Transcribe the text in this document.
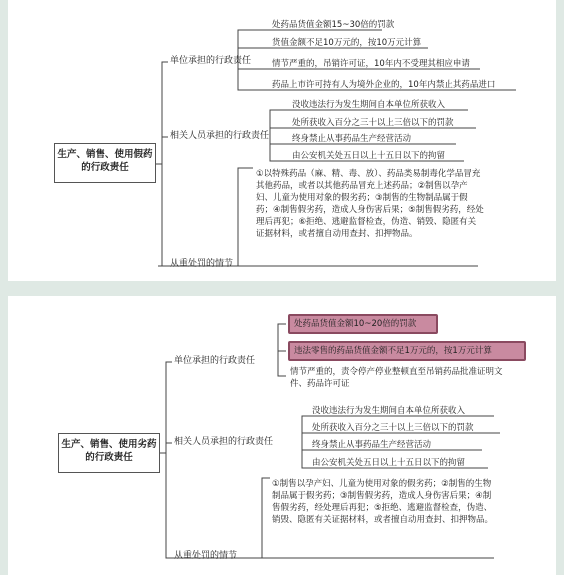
生产、销售、使用假药的行政责任
单位承担的行政责任
相关人员承担的行政责任
从重处罚的情节
处药品货值金额15~30倍的罚款
货值金额不足10万元的，按10万元计算
情节严重的，吊销许可证，10年内不受理其相应申请
药品上市许可持有人为境外企业的，10年内禁止其药品进口
没收违法行为发生期间自本单位所获收入
处所获收入百分之三十以上三倍以下的罚款
终身禁止从事药品生产经营活动
由公安机关处五日以上十五日以下的拘留
①以特殊药品（麻、精、毒、放）、药品类易制毒化学品冒充其他药品，或者以其他药品冒充上述药品；②制售以孕产妇、儿童为使用对象的假劣药；③制售的生物制品属于假药；④制售假劣药，造成人身伤害后果；⑤制售假劣药，经处理后再犯；⑥拒绝、逃避监督检查，伪造、销毁、隐匿有关证据材料，或者擅自动用查封、扣押物品。
生产、销售、使用劣药的行政责任
单位承担的行政责任
相关人员承担的行政责任
从重处罚的情节
处药品货值金额10~20倍的罚款
违法零售的药品货值金额不足1万元的，按1万元计算
情节严重的，责令停产停业整顿直至吊销药品批准证明文件、药品许可证
没收违法行为发生期间自本单位所获收入
处所获收入百分之三十以上三倍以下的罚款
终身禁止从事药品生产经营活动
由公安机关处五日以上十五日以下的拘留
①制售以孕产妇、儿童为使用对象的假劣药；②制售的生物制品属于假劣药；③制售假劣药，造成人身伤害后果；④制售假劣药，经处理后再犯；⑤拒绝、逃避监督检查，伪造、销毁、隐匿有关证据材料，或者擅自动用查封、扣押物品。
